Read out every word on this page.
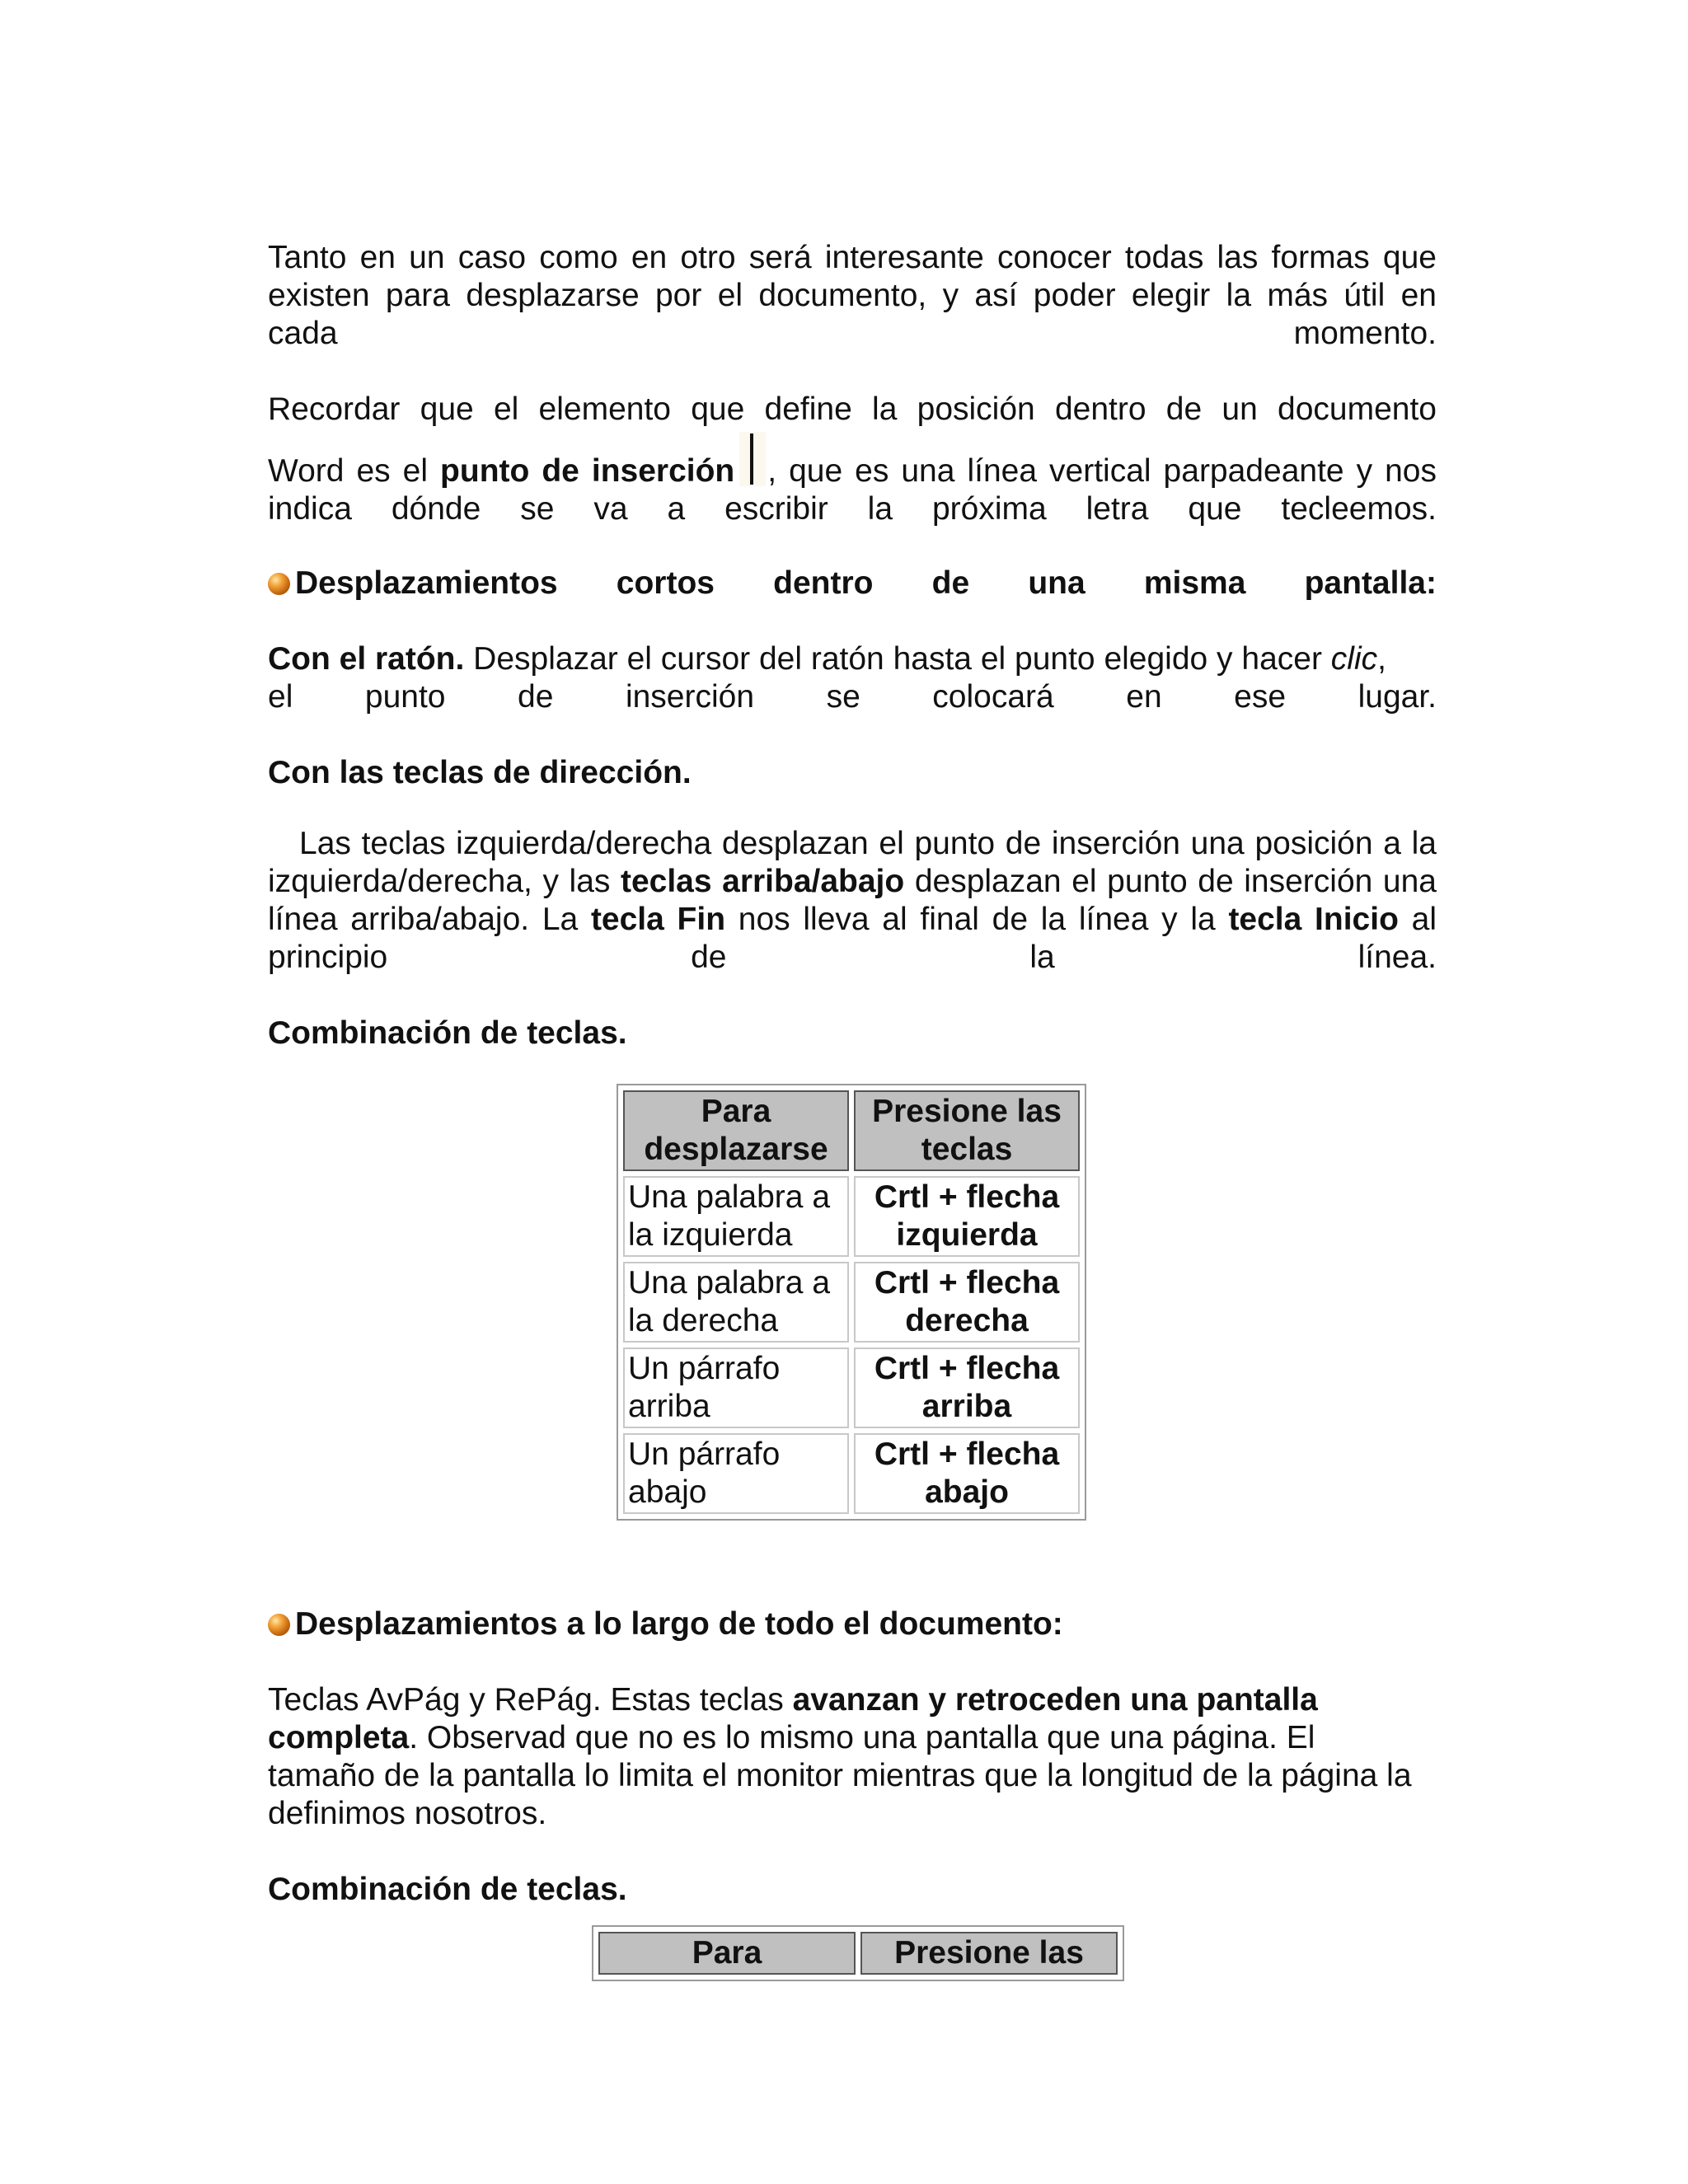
Tanto en un caso como en otro será interesante conocer todas las formas que

existen para desplazarse por el documento, y así poder elegir la más útil en

cada	momento.

Recordar que el elemento que define la posición dentro de un documento

Word es el punto de inserción , que es una línea vertical parpadeante y nos

indica dónde se va a escribir la próxima letra que tecleemos.

Desplazamientos cortos dentro de una misma pantalla:

Con el ratón. Desplazar el cursor del ratón hasta el punto elegido y hacer clic,

el punto de inserción se colocará en ese lugar.

Con las teclas de dirección.

Las teclas izquierda/derecha desplazan el punto de inserción una posición a la izquierda/derecha, y las teclas arriba/abajo desplazan el punto de inserción una línea arriba/abajo. La tecla Fin nos lleva al final de la línea y la tecla Inicio al principio de la línea.

Combinación de teclas.

Para desplazarse	Presione las teclas
Una palabra a la izquierda	Crtl + flecha izquierda
Una palabra a la derecha	Crtl + flecha derecha
Un párrafo arriba	Crtl + flecha arriba
Un párrafo abajo	Crtl + flecha abajo
Desplazamientos a lo largo de todo el documento:

Teclas AvPág y RePág. Estas teclas avanzan y retroceden una pantalla completa. Observad que no es lo mismo una pantalla que una página. El tamaño de la pantalla lo limita el monitor mientras que la longitud de la página la definimos nosotros.

Combinación de teclas.

Para	Presione las
